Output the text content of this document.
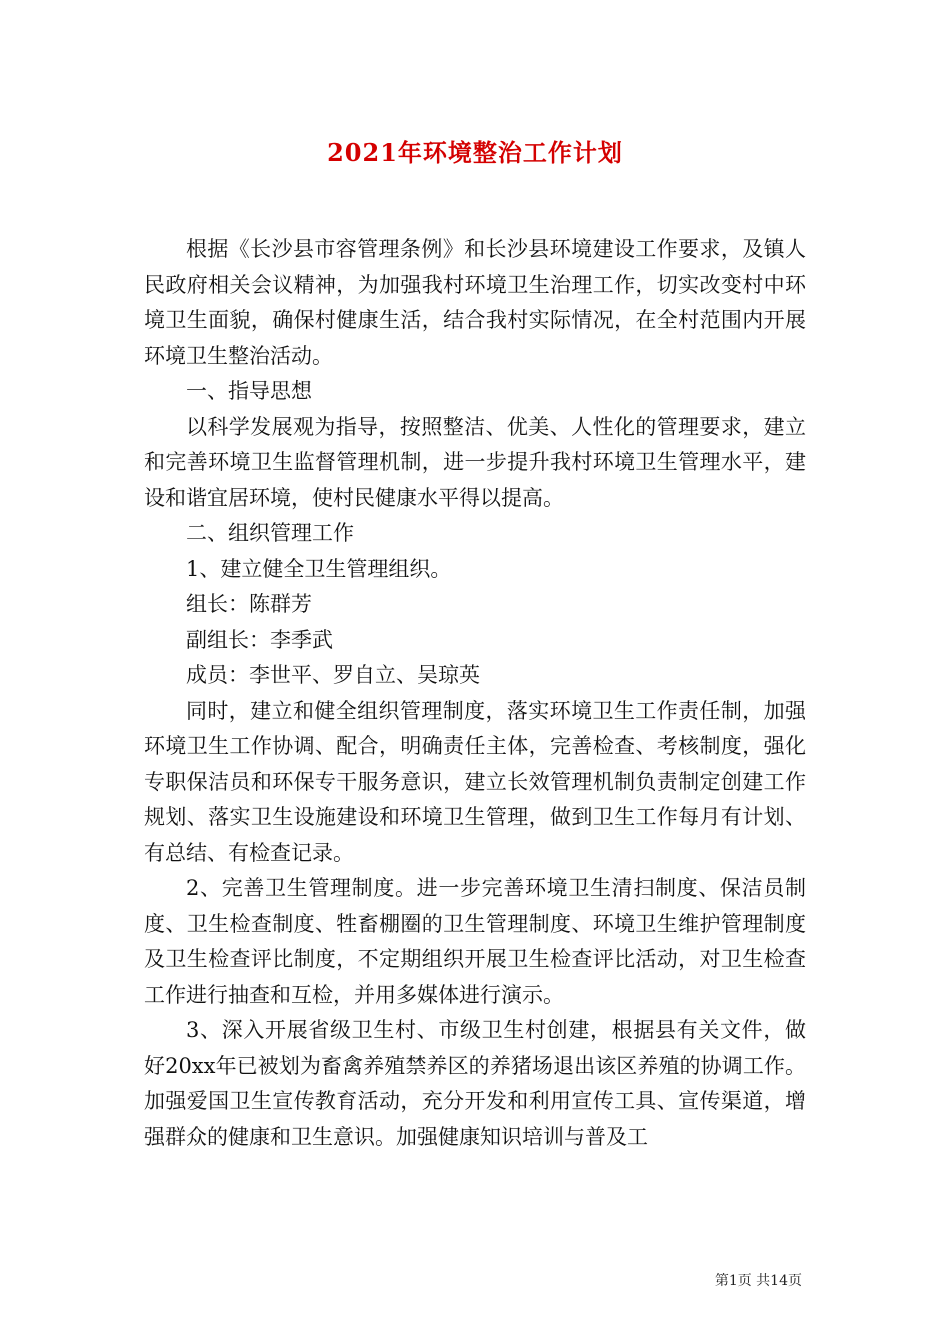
2021年环境整治工作计划

根据《长沙县市容管理条例》和长沙县环境建设工作要求，及镇人民政府相关会议精神，为加强我村环境卫生治理工作，切实改变村中环境卫生面貌，确保村健康生活，结合我村实际情况，在全村范围内开展环境卫生整治活动。

一、指导思想

以科学发展观为指导，按照整洁、优美、人性化的管理要求，建立和完善环境卫生监督管理机制，进一步提升我村环境卫生管理水平，建设和谐宜居环境，使村民健康水平得以提高。

二、组织管理工作

1、建立健全卫生管理组织。

组长：陈群芳

副组长：李季武

成员：李世平、罗自立、吴琼英

同时，建立和健全组织管理制度，落实环境卫生工作责任制，加强环境卫生工作协调、配合，明确责任主体，完善检查、考核制度，强化专职保洁员和环保专干服务意识，建立长效管理机制负责制定创建工作规划、落实卫生设施建设和环境卫生管理，做到卫生工作每月有计划、有总结、有检查记录。

2、完善卫生管理制度。进一步完善环境卫生清扫制度、保洁员制度、卫生检查制度、牲畜棚圈的卫生管理制度、环境卫生维护管理制度及卫生检查评比制度，不定期组织开展卫生检查评比活动，对卫生检查工作进行抽查和互检，并用多媒体进行演示。

3、深入开展省级卫生村、市级卫生村创建，根据县有关文件，做好20xx年已被划为畜禽养殖禁养区的养猪场退出该区养殖的协调工作。加强爱国卫生宣传教育活动，充分开发和利用宣传工具、宣传渠道，增强群众的健康和卫生意识。加强健康知识培训与普及工

第1页 共14页
